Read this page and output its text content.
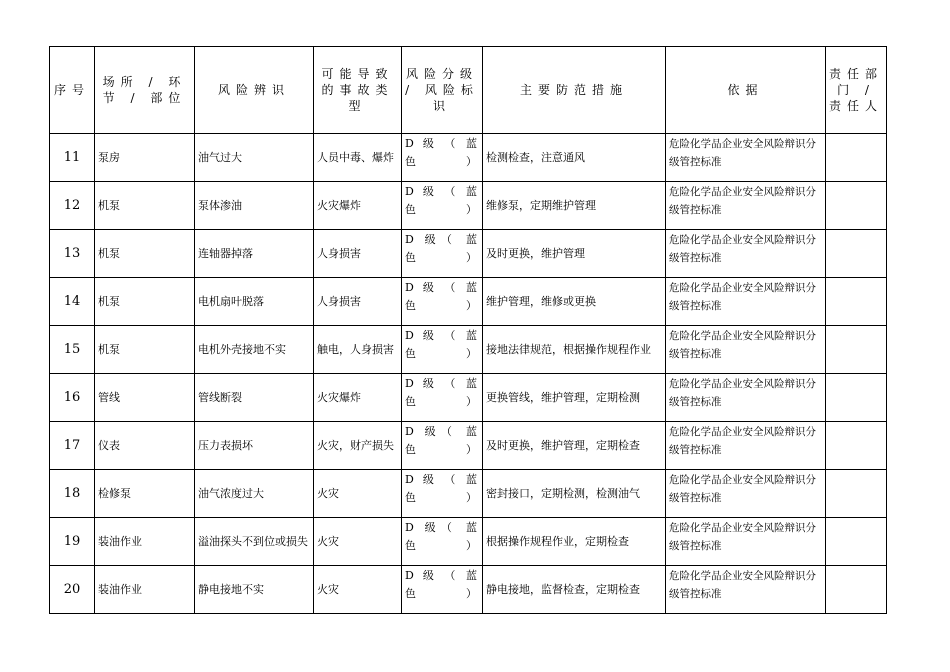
序号	场所 / 环节 / 部位	风险辨识	可能导致的事故类型	风险分级 / 风险标识	主要防范措施	依据	责任部门 / 责任人
11	泵房	油气过大	人员中毒、爆炸	D 级 （ 蓝色）	检测检查，注意通风	危险化学品企业安全风险辩识分级管控标准	
12	机泵	泵体渗油	火灾爆炸	D 级 （ 蓝色）	维修泵，定期维护管理	危险化学品企业安全风险辩识分级管控标准	
13	机泵	连轴器掉落	人身损害	D 级（ 蓝色）	及时更换，维护管理	危险化学品企业安全风险辩识分级管控标准	
14	机泵	电机扇叶脱落	人身损害	D 级 （ 蓝色）	维护管理，维修或更换	危险化学品企业安全风险辩识分级管控标准	
15	机泵	电机外壳接地不实	触电，人身损害	D 级 （ 蓝色）	接地法律规范，根据操作规程作业	危险化学品企业安全风险辩识分级管控标准	
16	管线	管线断裂	火灾爆炸	D 级 （ 蓝色）	更换管线，维护管理，定期检测	危险化学品企业安全风险辩识分级管控标准	
17	仪表	压力表损坏	火灾，财产损失	D 级（ 蓝色）	及时更换，维护管理，定期检查	危险化学品企业安全风险辩识分级管控标准	
18	检修泵	油气浓度过大	火灾	D 级 （ 蓝色）	密封接口，定期检测，检测油气	危险化学品企业安全风险辩识分级管控标准	
19	装油作业	溢油探头不到位或损失	火灾	D 级（ 蓝色）	根据操作规程作业，定期检查	危险化学品企业安全风险辩识分级管控标准	
20	装油作业	静电接地不实	火灾	D 级 （ 蓝色）	静电接地，监督检查，定期检查	危险化学品企业安全风险辩识分级管控标准	
